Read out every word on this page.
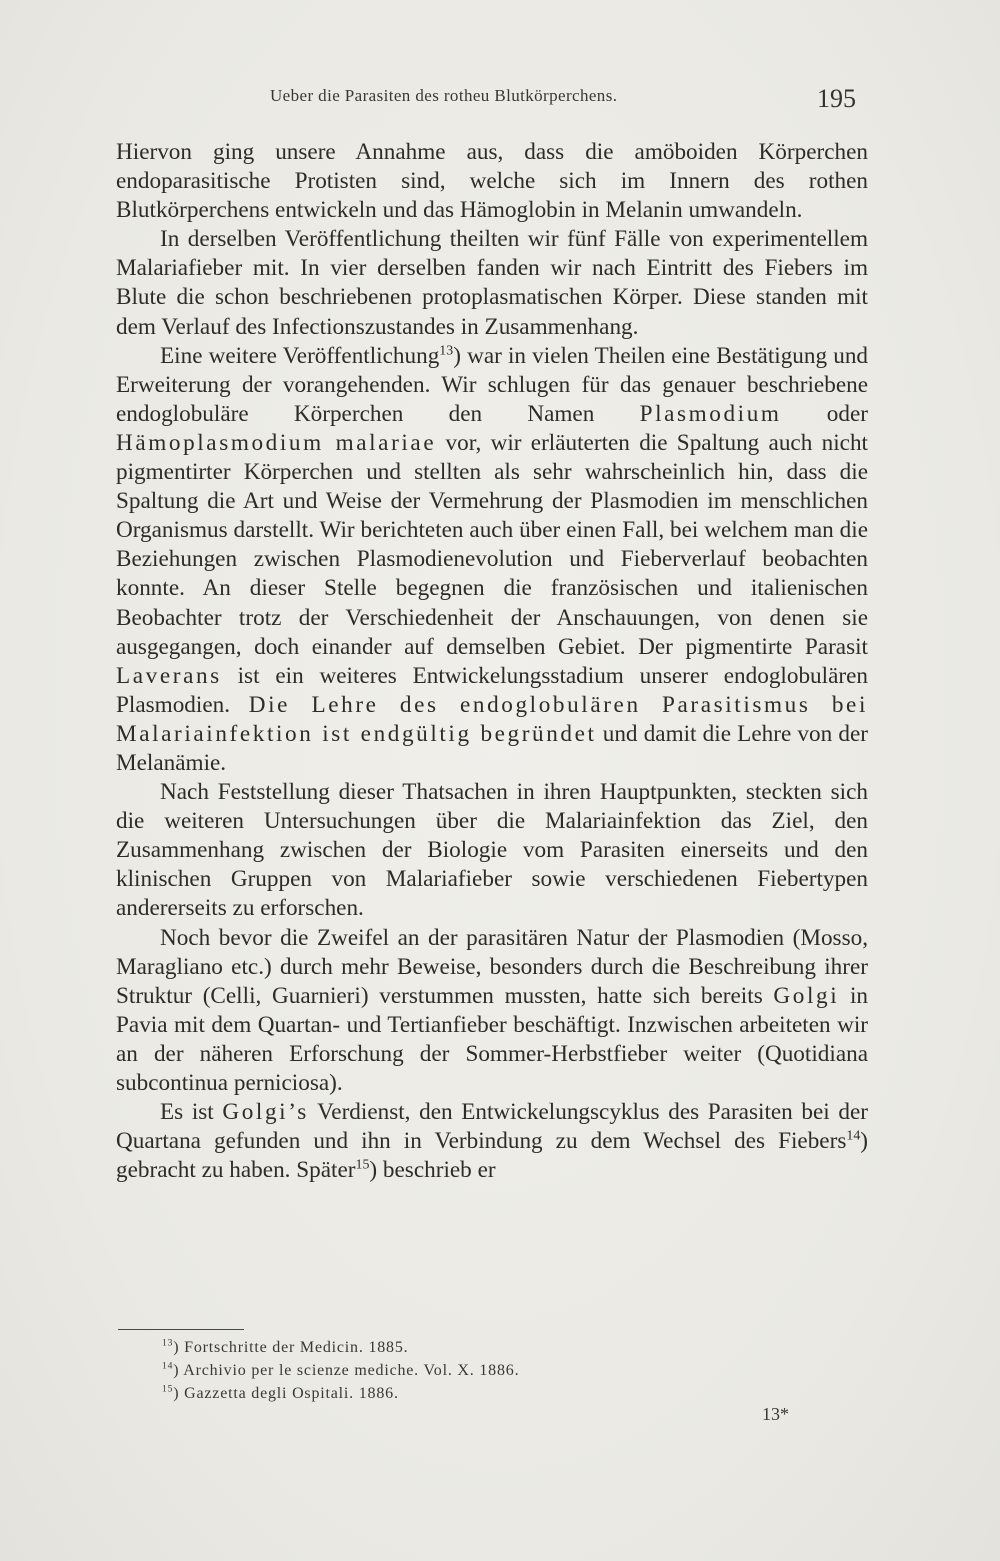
Ueber die Parasiten des rotheu Blutkörperchens.	195

Hiervon ging unsere Annahme aus, dass die amöboiden Körperchen endoparasitische Protisten sind, welche sich im Innern des rothen Blutkörperchens entwickeln und das Hämoglobin in Melanin umwandeln.

In derselben Veröffentlichung theilten wir fünf Fälle von experimentellem Malariafieber mit. In vier derselben fanden wir nach Eintritt des Fiebers im Blute die schon beschriebenen protoplasmatischen Körper. Diese standen mit dem Verlauf des Infectionszustandes in Zusammenhang.

Eine weitere Veröffentlichung$^{13}$) war in vielen Theilen eine Bestätigung und Erweiterung der vorangehenden. Wir schlugen für das genauer beschriebene endoglobuläre Körperchen den Namen Plasmodium oder Hämoplasmodium malariae vor, wir erläuterten die Spaltung auch nicht pigmentirter Körperchen und stellten als sehr wahrscheinlich hin, dass die Spaltung die Art und Weise der Vermehrung der Plasmodien im menschlichen Organismus darstellt. Wir berichteten auch über einen Fall, bei welchem man die Beziehungen zwischen Plasmodienevolution und Fieberverlauf beobachten konnte. An dieser Stelle begegnen die französischen und italienischen Beobachter trotz der Verschiedenheit der Anschauungen, von denen sie ausgegangen, doch einander auf demselben Gebiet. Der pigmentirte Parasit Laverans ist ein weiteres Entwickelungsstadium unserer endoglobulären Plasmodien. Die Lehre des endoglobulären Parasitismus bei Malariainfektion ist endgültig begründet und damit die Lehre von der Melanämie.

Nach Feststellung dieser Thatsachen in ihren Hauptpunkten, steckten sich die weiteren Untersuchungen über die Malariainfektion das Ziel, den Zusammenhang zwischen der Biologie vom Parasiten einerseits und den klinischen Gruppen von Malariafieber sowie verschiedenen Fiebertypen andererseits zu erforschen.

Noch bevor die Zweifel an der parasitären Natur der Plasmodien (Mosso, Maragliano etc.) durch mehr Beweise, besonders durch die Beschreibung ihrer Struktur (Celli, Guarnieri) verstummen mussten, hatte sich bereits Golgi in Pavia mit dem Quartan- und Tertianfieber beschäftigt. Inzwischen arbeiteten wir an der näheren Erforschung der Sommer-Herbstfieber weiter (Quotidiana subcontinua perniciosa).

Es ist Golgi’s Verdienst, den Entwickelungscyklus des Parasiten bei der Quartana gefunden und ihn in Verbindung zu dem Wechsel des Fiebers$^{14}$) gebracht zu haben. Später$^{15}$) beschrieb er

$^{13}$) Fortschritte der Medicin. 1885.
$^{14}$) Archivio per le scienze mediche. Vol. X. 1886.
$^{15}$) Gazzetta degli Ospitali. 1886.
13*
